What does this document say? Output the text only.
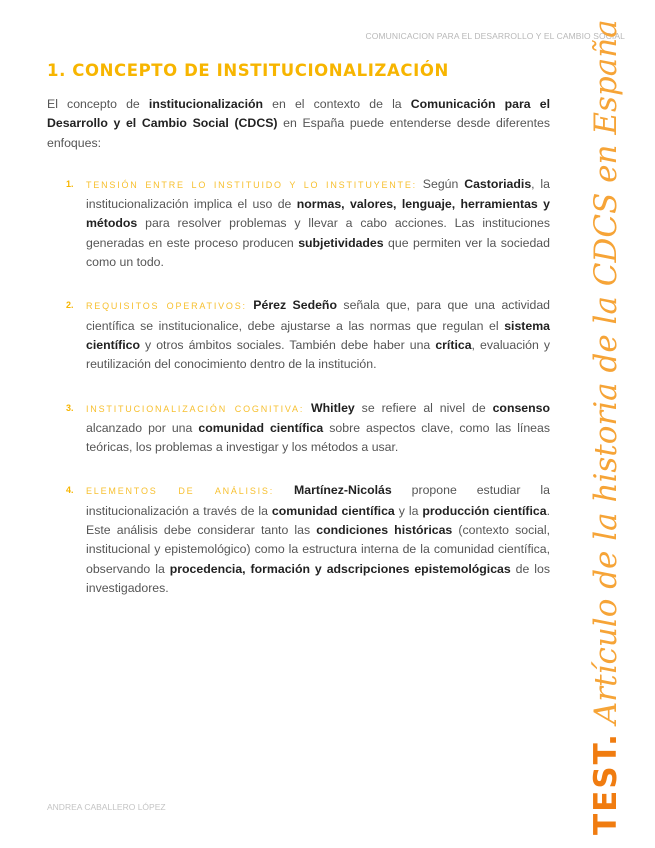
COMUNICACION PARA EL DESARROLLO Y EL CAMBIO SOCIAL
1. CONCEPTO DE INSTITUCIONALIZACIÓN

El concepto de institucionalización en el contexto de la Comunicación para el Desarrollo y el Cambio Social (CDCS) en España puede entenderse desde diferentes enfoques:

1. TENSIÓN ENTRE LO INSTITUIDO Y LO INSTITUYENTE: Según Castoriadis, la institucionalización implica el uso de normas, valores, lenguaje, herramientas y métodos para resolver problemas y llevar a cabo acciones. Las instituciones generadas en este proceso producen subjetividades que permiten ver la sociedad como un todo.
2. REQUISITOS OPERATIVOS: Pérez Sedeño señala que, para que una actividad científica se institucionalice, debe ajustarse a las normas que regulan el sistema científico y otros ámbitos sociales. También debe haber una crítica, evaluación y reutilización del conocimiento dentro de la institución.
3. INSTITUCIONALIZACIÓN COGNITIVA: Whitley se refiere al nivel de consenso alcanzado por una comunidad científica sobre aspectos clave, como las líneas teóricas, los problemas a investigar y los métodos a usar.
4. ELEMENTOS DE ANÁLISIS: Martínez-Nicolás propone estudiar la institucionalización a través de la comunidad científica y la producción científica. Este análisis debe considerar tanto las condiciones históricas (contexto social, institucional y epistemológico) como la estructura interna de la comunidad científica, observando la procedencia, formación y adscripciones epistemológicas de los investigadores.
TEST.
Artículo de la historia de la CDCS en España
ANDREA CABALLERO LÓPEZ
